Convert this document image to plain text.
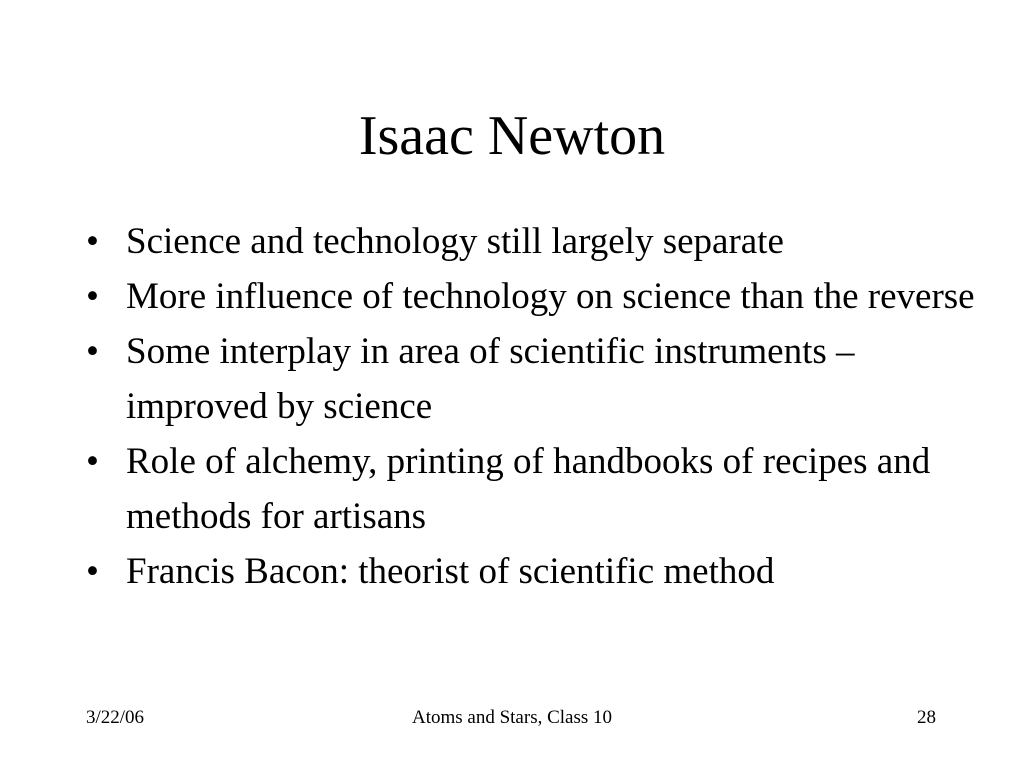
Isaac Newton
• Science and technology still largely separate
• More influence of technology on science than the reverse
• Some interplay in area of scientific instruments – improved by science
• Role of alchemy, printing of handbooks of recipes and methods for artisans
• Francis Bacon: theorist of scientific method
3/22/06	Atoms and Stars, Class 10	28
